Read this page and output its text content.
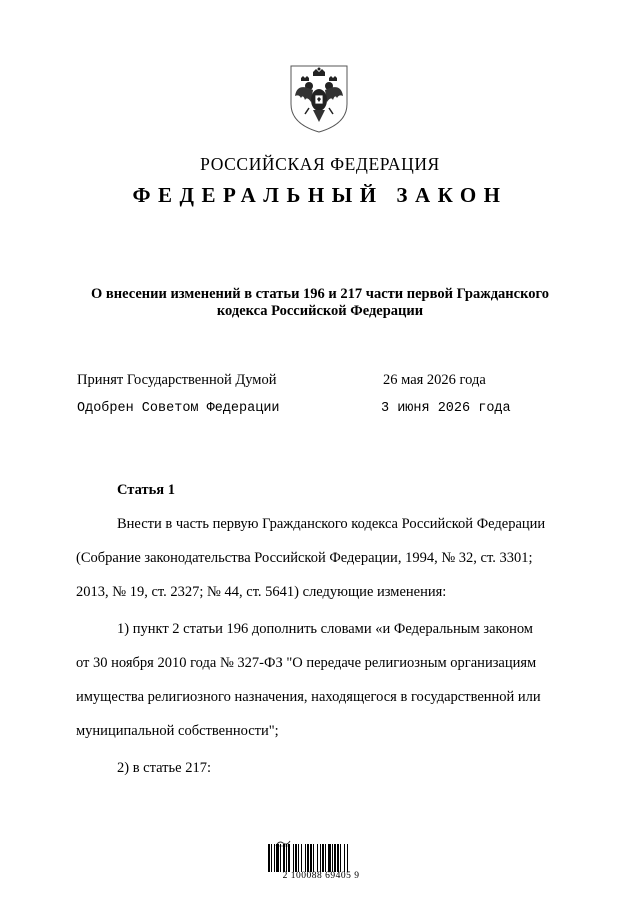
РОССИЙСКАЯ ФЕДЕРАЦИЯ
ФЕДЕРАЛЬНЫЙ ЗАКОН
О внесении изменений в статьи 196 и 217 части первой Гражданского
кодекса Российской Федерации
Принят Государственной Думой	26 мая 2026 года
Одобрен Советом Федерации	3 июня 2026 года
Статья 1
Внести в часть первую Гражданского кодекса Российской Федерации
(Собрание законодательства Российской Федерации, 1994, № 32, ст. 3301;
2013, № 19, ст. 2327; № 44, ст. 5641) следующие изменения:
1) пункт 2 статьи 196 дополнить словами «и Федеральным законом
от 30 ноября 2010 года № 327-ФЗ "О передаче религиозным организациям
имущества религиозного назначения, находящегося в государственной или
муниципальной собственности";
2) в статье 217:
2 100088 69405 9
